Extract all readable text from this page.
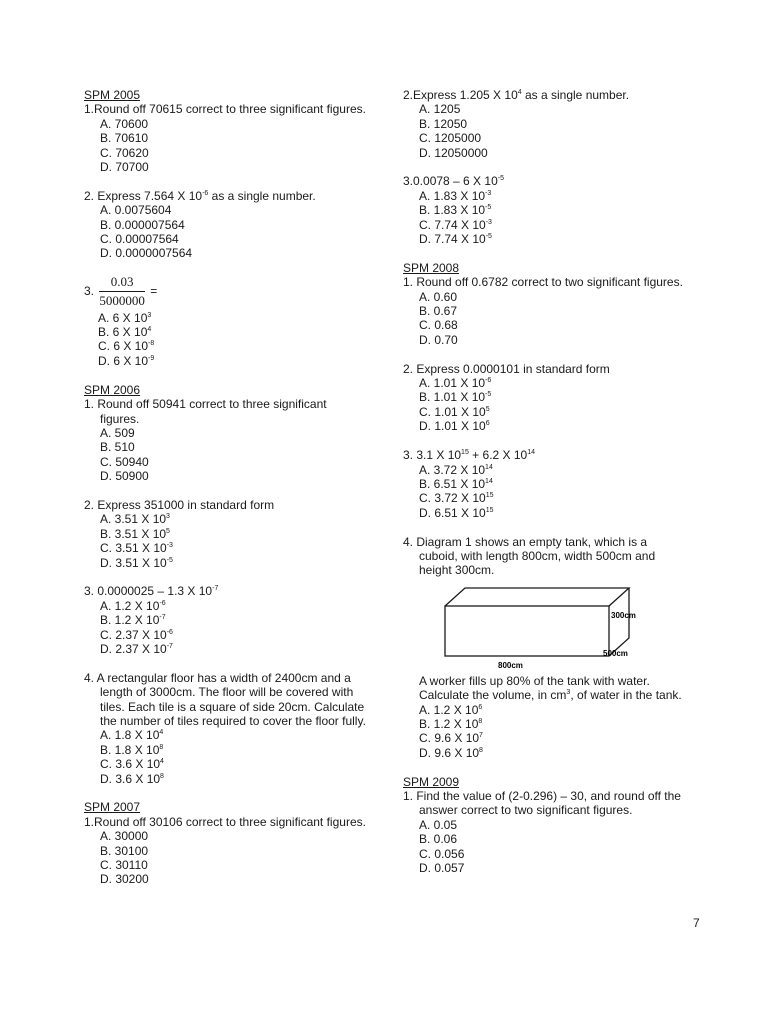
SPM 2005
1.Round off 70615 correct to three significant figures.
A. 70600
B. 70610
C. 70620
D. 70700
2. Express 7.564 X $10^{-6}$ as a single number.
A. 0.0075604
B. 0.000007564
C. 0.00007564
D. 0.0000007564
3. $\frac{0.03}{5000000}$ =
A. 6 X $10^3$
B. 6 X $10^4$
C. 6 X $10^{-8}$
D. 6 X $10^{-9}$
SPM 2006
1. Round off 50941 correct to three significant
figures.
A. 509
B. 510
C. 50940
D. 50900
2. Express 351000 in standard form
A. 3.51 X $10^3$
B. 3.51 X $10^5$
C. 3.51 X $10^{-3}$
D. 3.51 X $10^{-5}$
3. 0.0000025 – 1.3 X $10^{-7}$
A. 1.2 X $10^{-6}$
B. 1.2 X $10^{-7}$
C. 2.37 X $10^{-6}$
D. 2.37 X $10^{-7}$
4. A rectangular floor has a width of 2400cm and a
length of 3000cm. The floor will be covered with
tiles. Each tile is a square of side 20cm. Calculate
the number of tiles required to cover the floor fully.
A. 1.8 X $10^4$
B. 1.8 X $10^8$
C. 3.6 X $10^4$
D. 3.6 X $10^8$
SPM 2007
1.Round off 30106 correct to three significant figures.
A. 30000
B. 30100
C. 30110
D. 30200
2.Express 1.205 X $10^4$ as a single number.
A. 1205
B. 12050
C. 1205000
D. 12050000
3.0.0078 – 6 X $10^{-5}$
A. 1.83 X $10^{-3}$
B. 1.83 X $10^{-5}$
C. 7.74 X $10^{-3}$
D. 7.74 X $10^{-5}$
SPM 2008
1. Round off 0.6782 correct to two significant figures.
A. 0.60
B. 0.67
C. 0.68
D. 0.70
2. Express 0.0000101 in standard form
A. 1.01 X $10^{-6}$
B. 1.01 X $10^{-5}$
C. 1.01 X $10^5$
D. 1.01 X $10^6$
3. 3.1 X $10^{15} + 6.2$ X $10^{14}$
A. 3.72 X $10^{14}$
B. 6.51 X $10^{14}$
C. 3.72 X $10^{15}$
D. 6.51 X $10^{15}$
4. Diagram 1 shows an empty tank, which is a
cuboid, with length 800cm, width 500cm and
height 300cm.
300cm
500cm
800cm
A worker fills up 80% of the tank with water.
Calculate the volume, in $cm^3$, of water in the tank.
A. 1.2 X $10^6$
B. 1.2 X $10^8$
C. 9.6 X $10^7$
D. 9.6 X $10^8$
SPM 2009
1. Find the value of (2-0.296) – 30, and round off the
answer correct to two significant figures.
A. 0.05
B. 0.06
C. 0.056
D. 0.057
7
